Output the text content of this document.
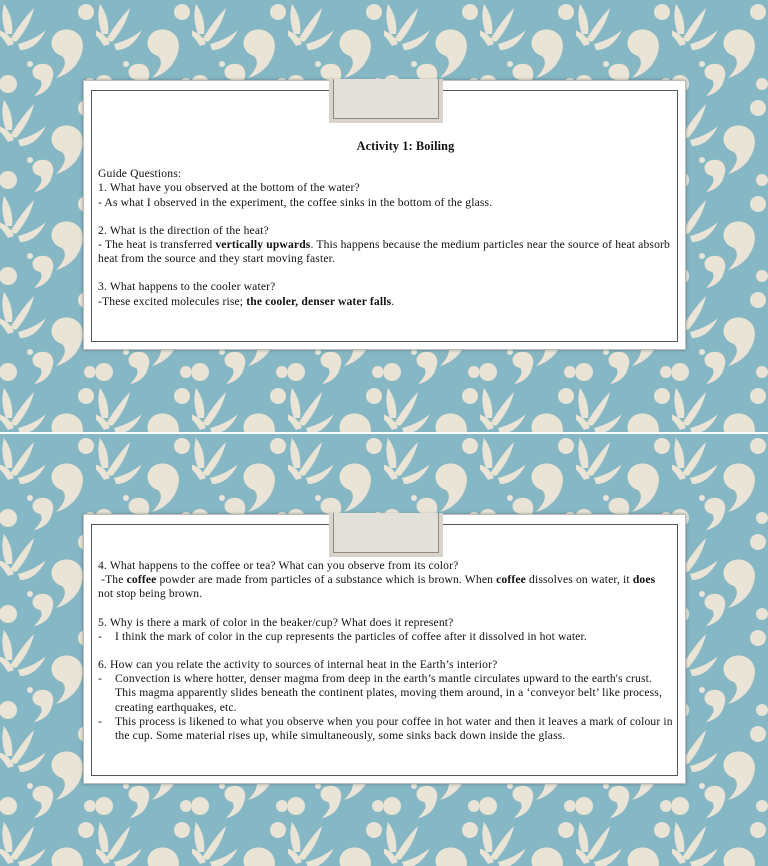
Activity 1: Boiling

Guide Questions:

1. What have you observed at the bottom of the water?

- As what I observed in the experiment, the coffee sinks in the bottom of the glass.

2. What is the direction of the heat?

- The heat is transferred vertically upwards. This happens because the medium particles near the source of heat absorb heat from the source and they start moving faster.

3. What happens to the cooler water?

-These excited molecules rise; the cooler, denser water falls.

4. What happens to the coffee or tea? What can you observe from its color?

-The coffee powder are made from particles of a substance which is brown. When coffee dissolves on water, it does not stop being brown.

5. Why is there a mark of color in the beaker/cup? What does it represent?

- I think the mark of color in the cup represents the particles of coffee after it dissolved in hot water.

6. How can you relate the activity to sources of internal heat in the Earth’s interior?

- Convection is where hotter, denser magma from deep in the earth’s mantle circulates upward to the earth's crust. This magma apparently slides beneath the continent plates, moving them around, in a ‘conveyor belt’ like process, creating earthquakes, etc.

- This process is likened to what you observe when you pour coffee in hot water and then it leaves a mark of colour in the cup. Some material rises up, while simultaneously, some sinks back down inside the glass.
